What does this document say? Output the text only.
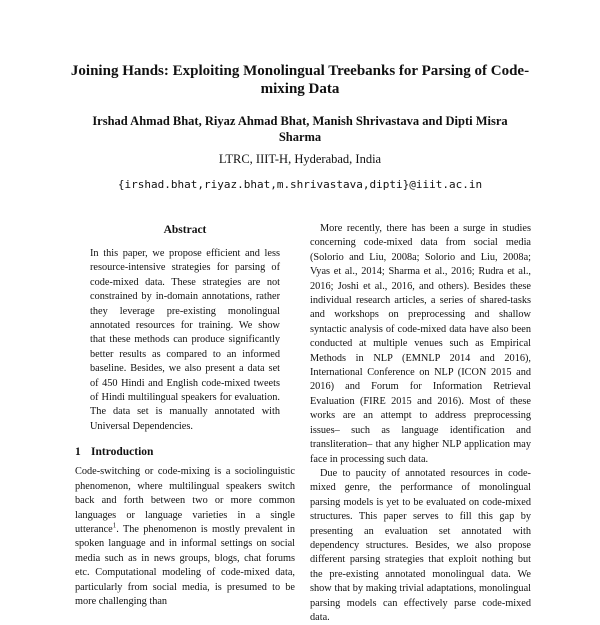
Joining Hands: Exploiting Monolingual Treebanks for Parsing of Code-mixing Data
Irshad Ahmad Bhat, Riyaz Ahmad Bhat, Manish Shrivastava and Dipti Misra Sharma
LTRC, IIIT-H, Hyderabad, India
{irshad.bhat,riyaz.bhat,m.shrivastava,dipti}@iiit.ac.in
Abstract

In this paper, we propose efficient and less resource-intensive strategies for parsing of code-mixed data. These strategies are not constrained by in-domain annotations, rather they leverage pre-existing monolingual annotated resources for training. We show that these methods can produce significantly better results as compared to an informed baseline. Besides, we also present a data set of 450 Hindi and English code-mixed tweets of Hindi multilingual speakers for evaluation. The data set is manually annotated with Universal Dependencies.

1 Introduction

Code-switching or code-mixing is a sociolinguistic phenomenon, where multilingual speakers switch back and forth between two or more common languages or language varieties in a single utterance$^1$. The phenomenon is mostly prevalent in spoken language and in informal settings on social media such as in news groups, blogs, chat forums etc. Computational modeling of code-mixed data, particularly from social media, is presumed to be more challenging than

More recently, there has been a surge in studies concerning code-mixed data from social media (Solorio and Liu, 2008a; Solorio and Liu, 2008a; Vyas et al., 2014; Sharma et al., 2016; Rudra et al., 2016; Joshi et al., 2016, and others). Besides these individual research articles, a series of shared-tasks and workshops on preprocessing and shallow syntactic analysis of code-mixed data have also been conducted at multiple venues such as Empirical Methods in NLP (EMNLP 2014 and 2016), International Conference on NLP (ICON 2015 and 2016) and Forum for Information Retrieval Evaluation (FIRE 2015 and 2016). Most of these works are an attempt to address preprocessing issues– such as language identification and transliteration– that any higher NLP application may face in processing such data.

Due to paucity of annotated resources in code-mixed genre, the performance of monolingual parsing models is yet to be evaluated on code-mixed structures. This paper serves to fill this gap by presenting an evaluation set annotated with dependency structures. Besides, we also propose different parsing strategies that exploit nothing but the pre-existing annotated monolingual data. We show that by making trivial adaptations, monolingual parsing models can effectively parse code-mixed data.
